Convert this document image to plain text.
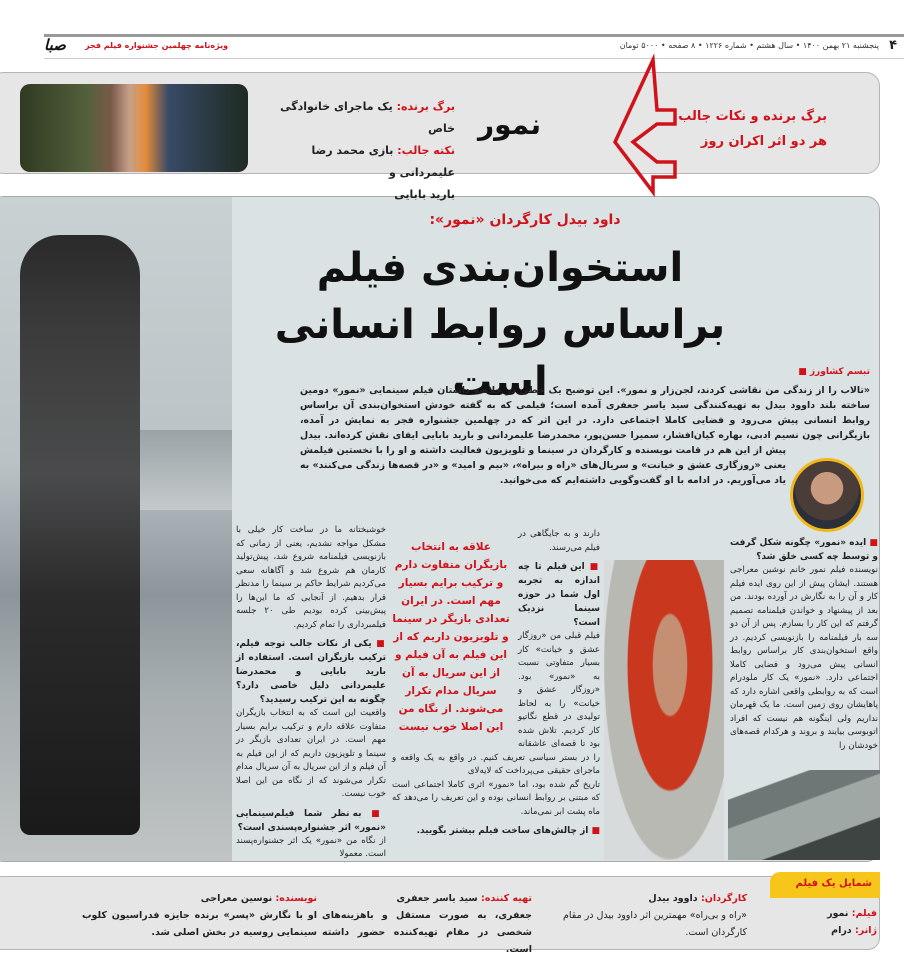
۴
پنجشنبه ۲۱ بهمن ۱۴۰۰ • سال هشتم • شماره ۱۲۲۶ • ۸ صفحه • ۵۰۰۰ تومان
ویژه‌نامه چهلمین جشنواره فیلم فجر
صبا
برگ برنده: یک ماجرای خانوادگی خاص
نکته جالب: بازی محمد رضا علیمردانی و
بارید بابایی
نمور	برگ برنده و نکات جالب
هر دو اثر اکران روز
داود بیدل کارگردان «نمور»:
استخوان‌بندی فیلم
براساس روابط انسانی است	تبسم کشاورز ■
«تالاب را از زندگی من نقاشی کردند، لجن‌زار و نمور». این توضیح یک خطی در خلاصه داستان فیلم سینمایی «نمور» دومین ساخته بلند داوود بیدل به تهیه‌کنندگی سید یاسر جعفری آمده است؛ فیلمی که به گفته خودش استخوان‌بندی آن براساس روابط انسانی پیش می‌رود و فضایی کاملا اجتماعی دارد. در این اثر که در چهلمین جشنواره فجر به نمایش در آمده، بازیگرانی چون نسیم ادبی، بهاره کیان‌افشار، سمیرا حسن‌پور، محمدرضا علیمردانی و بارید بابایی ایفای نقش کرده‌اند. بیدل پیش از این هم در قامت نویسنده و کارگردان در سینما و تلویزیون فعالیت داشته و او را با نخستین فیلمش یعنی «روزگاری عشق و خیانت» و سریال‌های «راه و بیراه»، «بیم و امید» و «در قصه‌ها زندگی می‌کنند» به یاد می‌آوریم. در ادامه با او گفت‌وگویی داشته‌ایم که می‌خوانید.
■ ایده «نمور» چگونه شکل گرفت و توسط چه کسی خلق شد؟
نویسنده فیلم نمور خانم نوشین معراجی هستند. ایشان پیش از این روی ایده فیلم کار و آن را به نگارش در آورده بودند. من بعد از پیشنهاد و خواندن فیلمنامه تصمیم گرفتم که این کار را بسازم. پس از آن دو سه بار فیلمنامه را بازنویسی کردیم. در واقع استخوان‌بندی کار براساس روابط انسانی پیش می‌رود و فضایی کاملا اجتماعی دارد. «نمور» یک کار ملودرام است که به روابطی واقعی اشاره دارد که پاهایشان روی زمین است. ما یک قهرمان نداریم ولی اینگونه هم نیست که افراد اتوبوسی بیایند و بروند و هرکدام قصه‌های خودشان را
علاقه به انتخاب بازیگران متفاوت دارم و ترکیب برایم بسیار مهم است. در ایران تعدادی بازیگر در سینما و تلویزیون داریم که از این فیلم به آن فیلم و از این سریال به آن سریال مدام تکرار می‌شوند. از نگاه من این اصلا خوب نیست
دارند و به جایگاهی در فیلم می‌رسند.
■ این فیلم تا چه اندازه به تجربه اول شما در حوزه سینما نزدیک است؟
فیلم قبلی من «روزگار عشق و خیانت» کار بسیار متفاوتی نسبت به «نمور» بود. «روزگار عشق و خیانت» را به لحاظ تولیدی در قطع نگاتیو کار کردیم. تلاش شده بود تا قصه‌ای عاشقانه را در بستر سیاسی تعریف کنیم. در واقع به یک واقعه و ماجرای حقیقی می‌پرداخت که لایه‌لای
تاریخ گم شده بود، اما «نمور» اثری کاملا اجتماعی است که مبتنی بر روابط انسانی بوده و این تعریف را می‌دهد که ماه پشت ابر نمی‌ماند.
■ از چالش‌های ساخت فیلم بیشتر بگویید.
خوشبختانه ما در ساخت کار خیلی با مشکل مواجه نشدیم، یعنی از زمانی که بازنویسی فیلمنامه شروع شد، پیش‌تولید کارمان هم شروع شد و آگاهانه سعی می‌کردیم شرایط حاکم بر سینما را مدنظر قرار بدهیم. از آنجایی که ما این‌ها را پیش‌بینی کرده بودیم طی ۲۰ جلسه فیلمبرداری را تمام کردیم.
■ یکی از نکات جالب توجه فیلم، ترکیب بازیگران است. استفاده از بارید بابایی و محمدرضا علیمردانی دلیل خاصی دارد؟ چگونه به این ترکیب رسیدید؟
واقعیت این است که به انتخاب بازیگران متفاوت علاقه دارم و ترکیب برایم بسیار مهم است. در ایران تعدادی بازیگر در سینما و تلویزیون داریم که از این فیلم به آن فیلم و از این سریال به آن سریال مدام تکرار می‌شوند که از نگاه من این اصلا خوب نیست.
■ به نظر شما فیلم‌سینمایی «نمور» اثر جشنواره‌پسندی است؟
از نگاه من «نمور» یک اثر جشنواره‌پسند است. معمولا
شمایل یک فیلم
فیلم: نمور
ژانر: درام
کارگردان: داوود بیدل
«راه و بی‌راه» مهمترین اثر داوود بیدل در مقام کارگردان است.
تهیه کننده: سید یاسر جعفری
جعفری، به صورت مستقل و باهزینه‌های شخصی در مقام تهیه‌کننده حضور داشته است.
نویسنده: نوسین معراجی
او با نگارش «پسر» برنده جایزه فدراسیون کلوب سینمایی روسیه در بخش اصلی شد.
